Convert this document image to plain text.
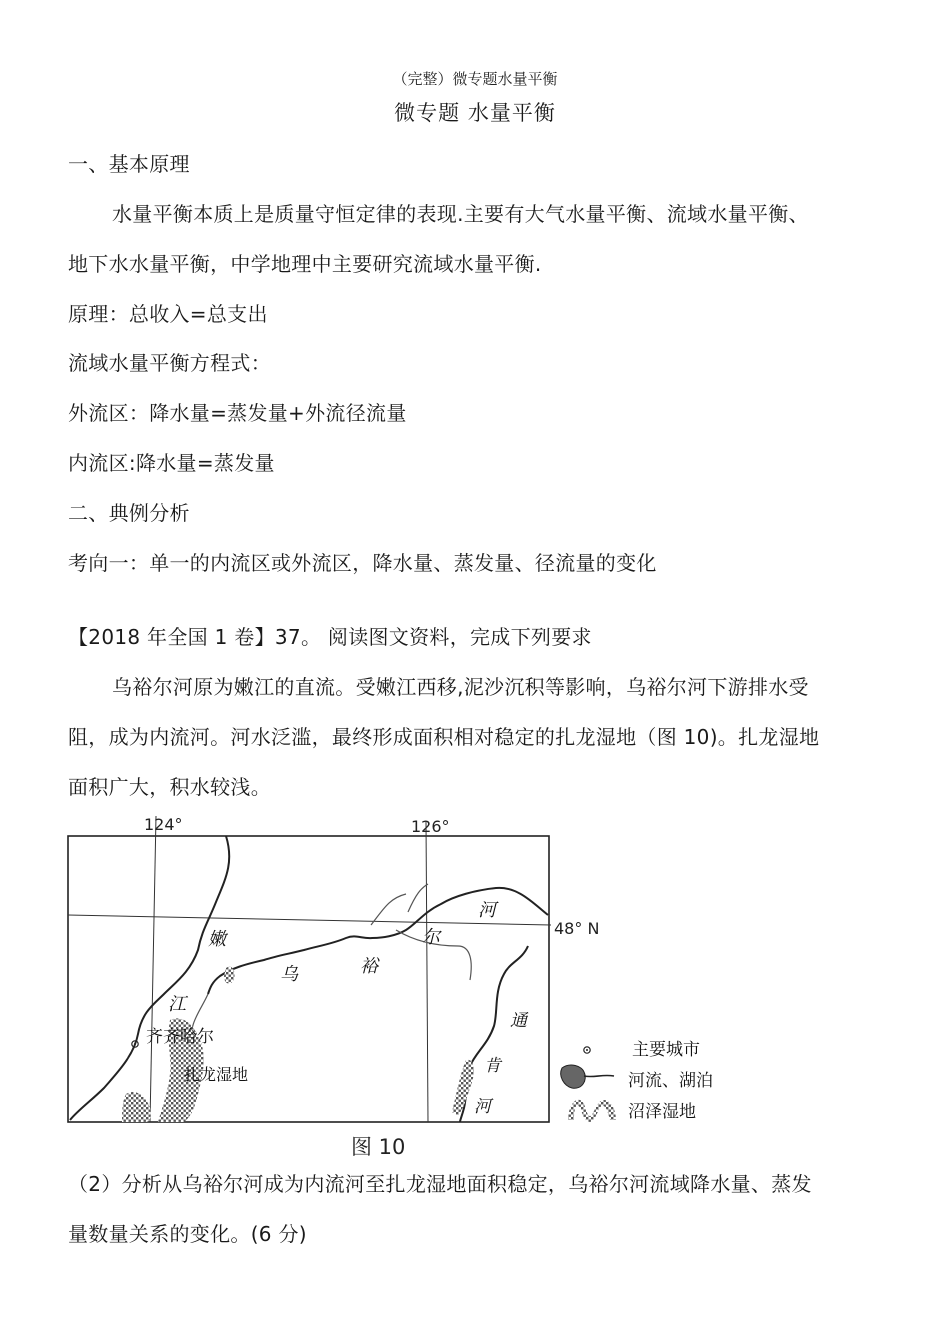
（完整）微专题水量平衡
微专题 水量平衡
一、基本原理
水量平衡本质上是质量守恒定律的表现.主要有大气水量平衡、流域水量平衡、
地下水水量平衡，中学地理中主要研究流域水量平衡.
原理：总收入=总支出
流域水量平衡方程式：
外流区：降水量=蒸发量+外流径流量
内流区:降水量=蒸发量
二、典例分析
考向一：单一的内流区或外流区，降水量、蒸发量、径流量的变化
【2018 年全国 1 卷】37。 阅读图文资料，完成下列要求
乌裕尔河原为嫩江的直流。受嫩江西移,泥沙沉积等影响，乌裕尔河下游排水受
阻，成为内流河。河水泛滥，最终形成面积相对稳定的扎龙湿地（图 10)。扎龙湿地
面积广大，积水较浅。
124°	126°
48° N
齐齐哈尔
扎龙湿地
嫩
江
乌	裕
尔
河
通
肯
河
主要城市
河流、湖泊
沼泽湿地
图 10
（2）分析从乌裕尔河成为内流河至扎龙湿地面积稳定，乌裕尔河流域降水量、蒸发
量数量关系的变化。(6 分)
